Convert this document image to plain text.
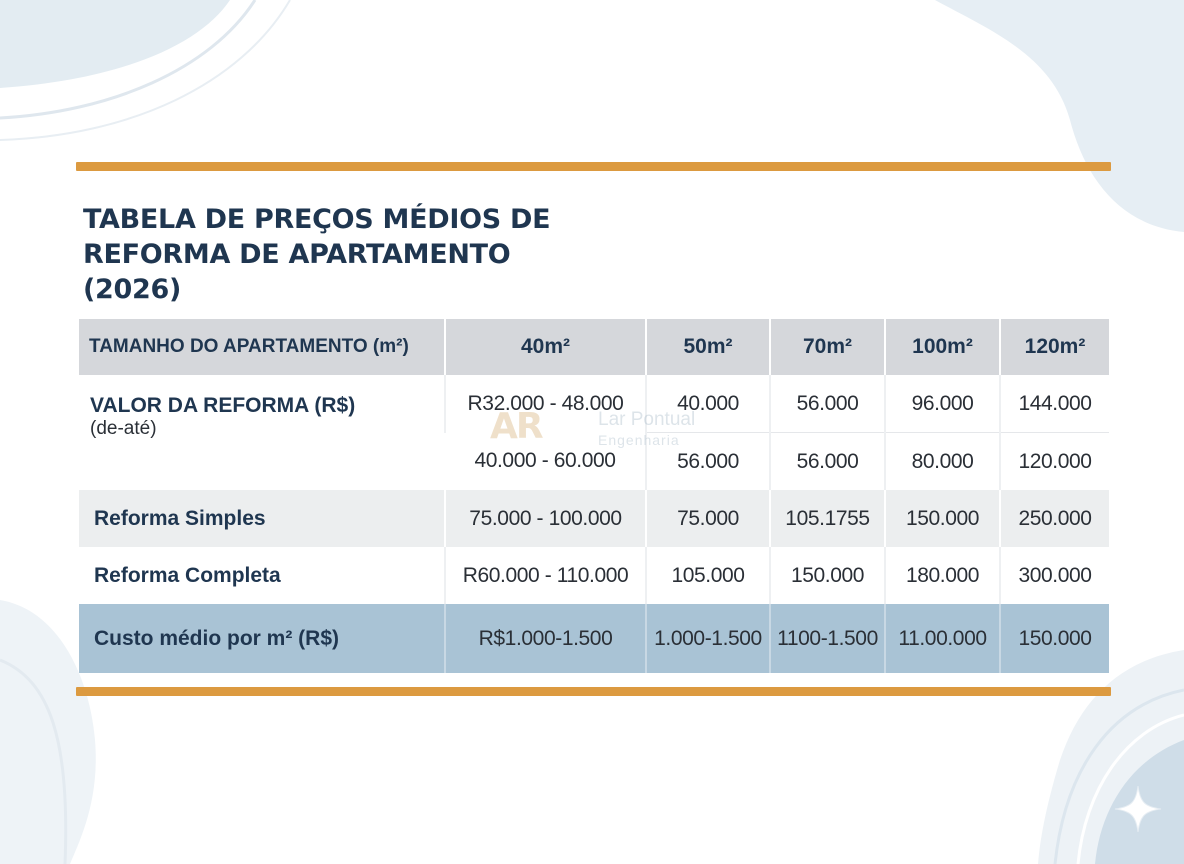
TABELA DE PREÇOS MÉDIOS DE REFORMA DE APARTAMENTO (2026)
TAMANHO DO APARTAMENTO (m²)	40m²	50m²	70m²	100m²	120m²

VALOR DA REFORMA (R$)
(de-até)	R32.000 - 48.000	40.000	56.000	96.000	144.000
	40.000 - 60.000	56.000	56.000	80.000	120.000
Reforma Simples	75.000 - 100.000	75.000	105.1755	150.000	250.000
Reforma Completa	R60.000 - 110.000	105.000	150.000	180.000	300.000
Custo médio por m² (R$)	R$1.000-1.500	1.000-1.500	1100-1.500	11.00.000	150.000
AR	Lar Pontual
Engenharia
